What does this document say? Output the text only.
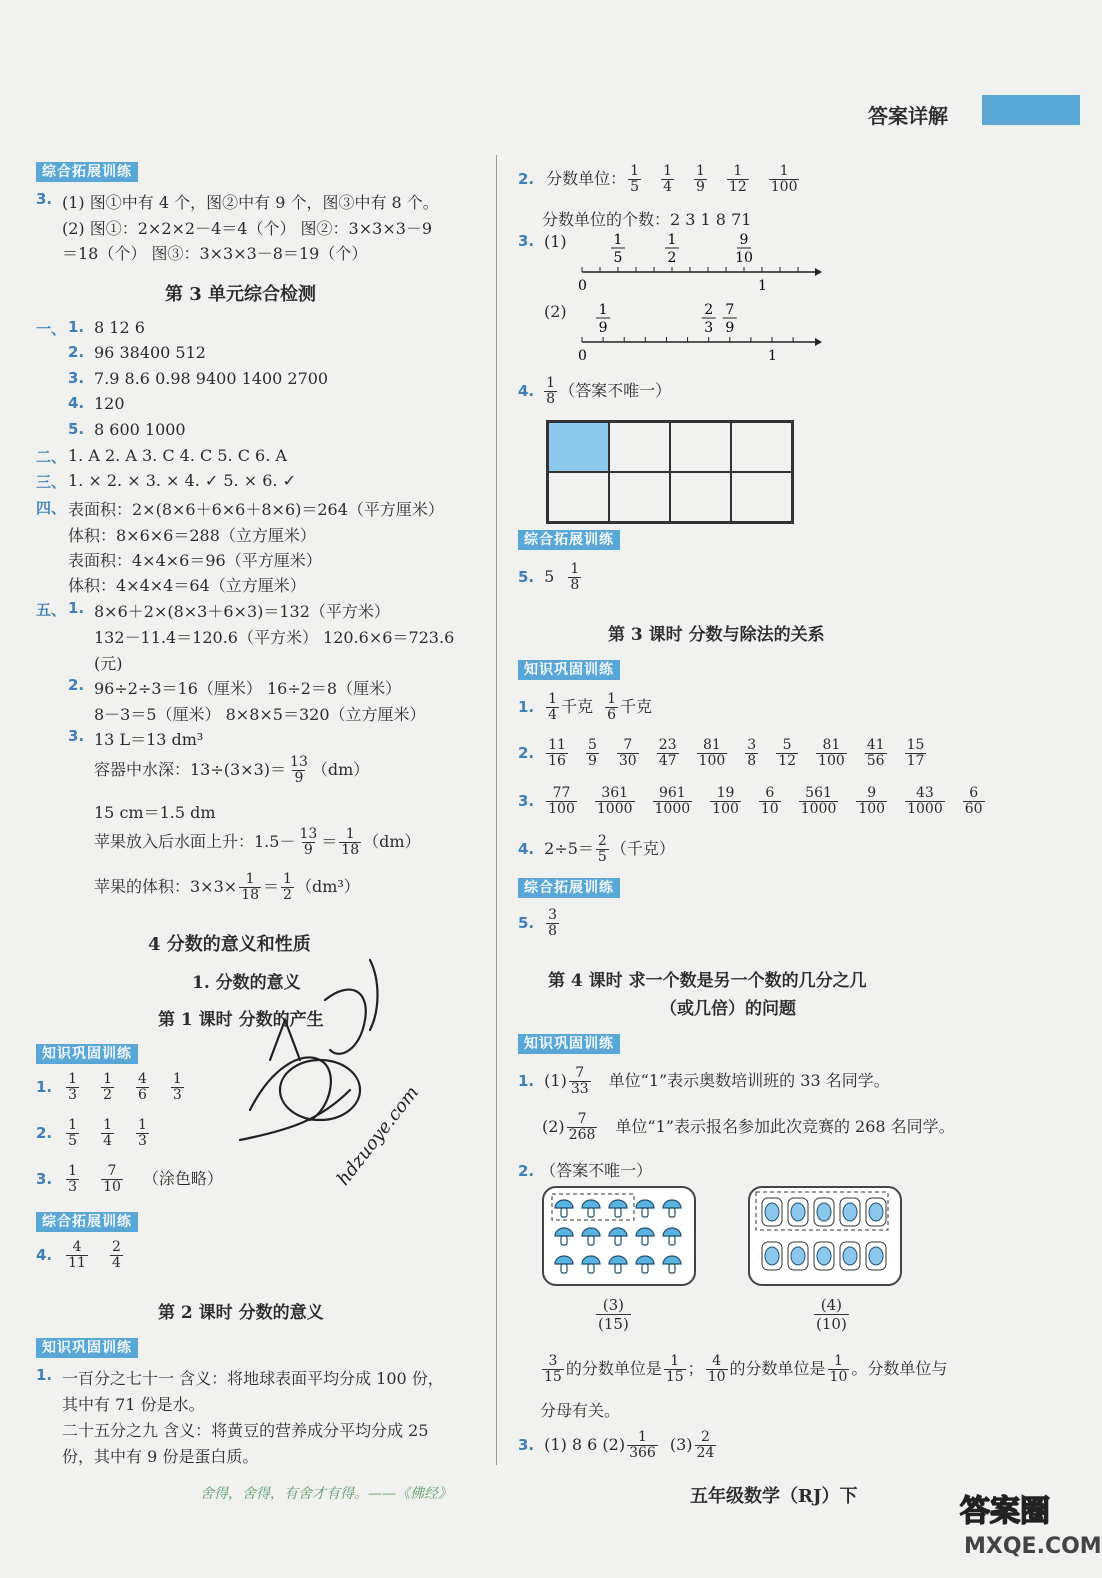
答案详解
综合拓展训练
3. (1) 图①中有 4 个，图②中有 9 个，图③中有 8 个。
(2) 图①：2×2×2－4＝4（个） 图②：3×3×3－9
＝18（个） 图③：3×3×3－8＝19（个）
第 3 单元综合检测
一、 1. 8 12 6
2. 96 38400 512
3. 7.9 8.6 0.98 9400 1400 2700
4. 120
5. 8 600 1000
二、 1. A 2. A 3. C 4. C 5. C 6. A
三、 1. × 2. × 3. × 4. ✓ 5. × 6. ✓
四、 表面积：2×(8×6＋6×6＋8×6)＝264（平方厘米）
体积：8×6×6＝288（立方厘米）
表面积：4×4×6＝96（平方厘米）
体积：4×4×4＝64（立方厘米）
五、 1. 8×6＋2×(8×3＋6×3)＝132（平方米）
132－11.4＝120.6（平方米） 120.6×6＝723.6
(元)
2. 96÷2÷3＝16（厘米） 16÷2＝8（厘米）
8－3＝5（厘米） 8×8×5＝320（立方厘米）
3. 13 L＝13 dm³
容器中水深：$13\div(3\times 3)= \frac{13}{9} (dm)$
15 cm＝1.5 dm
苹果放入后水面上升：$1.5- \frac{13}{9} = \frac{1}{18} (dm)$
苹果的体积：$3\times 3\times \frac{1}{18} = \frac{1}{2} (dm^3)$
4 分数的意义和性质
1. 分数的意义
第 1 课时 分数的产生
知识巩固训练
1. $\frac{1}{3} \frac{1}{2} \frac{4}{6} \frac{1}{3}$
2. $\frac{1}{5} \frac{1}{4} \frac{1}{3}$
3. $\frac{1}{3} \frac{7}{10}$ （涂色略）
综合拓展训练
4. $\frac{4}{11} \frac{2}{4}$
第 2 课时 分数的意义
知识巩固训练
1. 一百分之七十一 含义：将地球表面平均分成 100 份，
其中有 71 份是水。
二十五分之九 含义：将黄豆的营养成分平均分成 25
份，其中有 9 份是蛋白质。
舍得，舍得，有舍才有得。——《佛经》
2. 分数单位： $\frac{1}{5} \frac{1}{4} \frac{1}{9} \frac{1}{12} \frac{1}{100}$
分数单位的个数：2 3 1 8 71
3. (1)
0	1
1
5
1
2
9
10
(2)
0	1
1
9
2
3
7
9
4. $\frac{1}{8}$ （答案不唯一）
综合拓展训练
5. $5 \frac{1}{8}$
第 3 课时 分数与除法的关系
知识巩固训练
1. $\frac{1}{4}$ 千克 $\frac{1}{6}$ 千克
2. $\frac{11}{16} \frac{5}{9} \frac{7}{30} \frac{23}{47} \frac{81}{100} \frac{3}{8} \frac{5}{12} \frac{81}{100} \frac{41}{56} \frac{15}{17}$
3. $\frac{77}{100} \frac{361}{1000} \frac{961}{1000} \frac{19}{100} \frac{6}{10} \frac{561}{1000} \frac{9}{100} \frac{43}{1000} \frac{6}{60}$
4. $2\div 5= \frac{2}{5}$ （千克）
综合拓展训练
5. $\frac{3}{8}$
第 4 课时 求一个数是另一个数的几分之几
（或几倍）的问题
知识巩固训练
1. $(1) \frac{7}{33}$ 单位“1”表示奥数培训班的 33 名同学。
$(2) \frac{7}{268}$ 单位“1”表示报名参加此次竞赛的 268 名同学。
2. （答案不唯一）
$\frac{(3)}{(15)}$	$\frac{(4)}{(10)}$
$\frac{3}{15}$ 的分数单位是 $\frac{1}{15}$ ； $\frac{4}{10}$ 的分数单位是 $\frac{1}{10}$ 。分数单位与
分母有关。
3. (1) 8 6 $(2) \frac{1}{366} (3) \frac{2}{24}$
五年级数学（RJ）下
hdzuoye.com
答案圈
MXQE.COM
